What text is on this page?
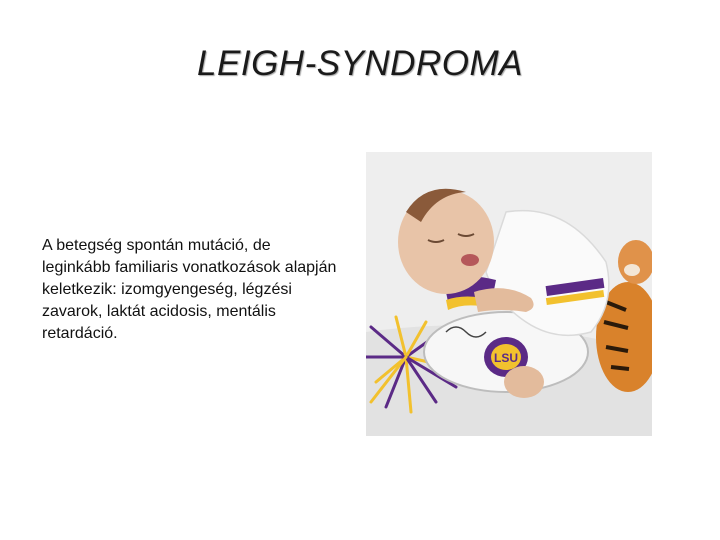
LEIGH-SYNDROMA
A betegség spontán mutáció, de leginkább familiaris vonatkozások alapján keletkezik: izomgyengeség, légzési zavarok, laktát acidosis, mentális retardáció.
LSU
